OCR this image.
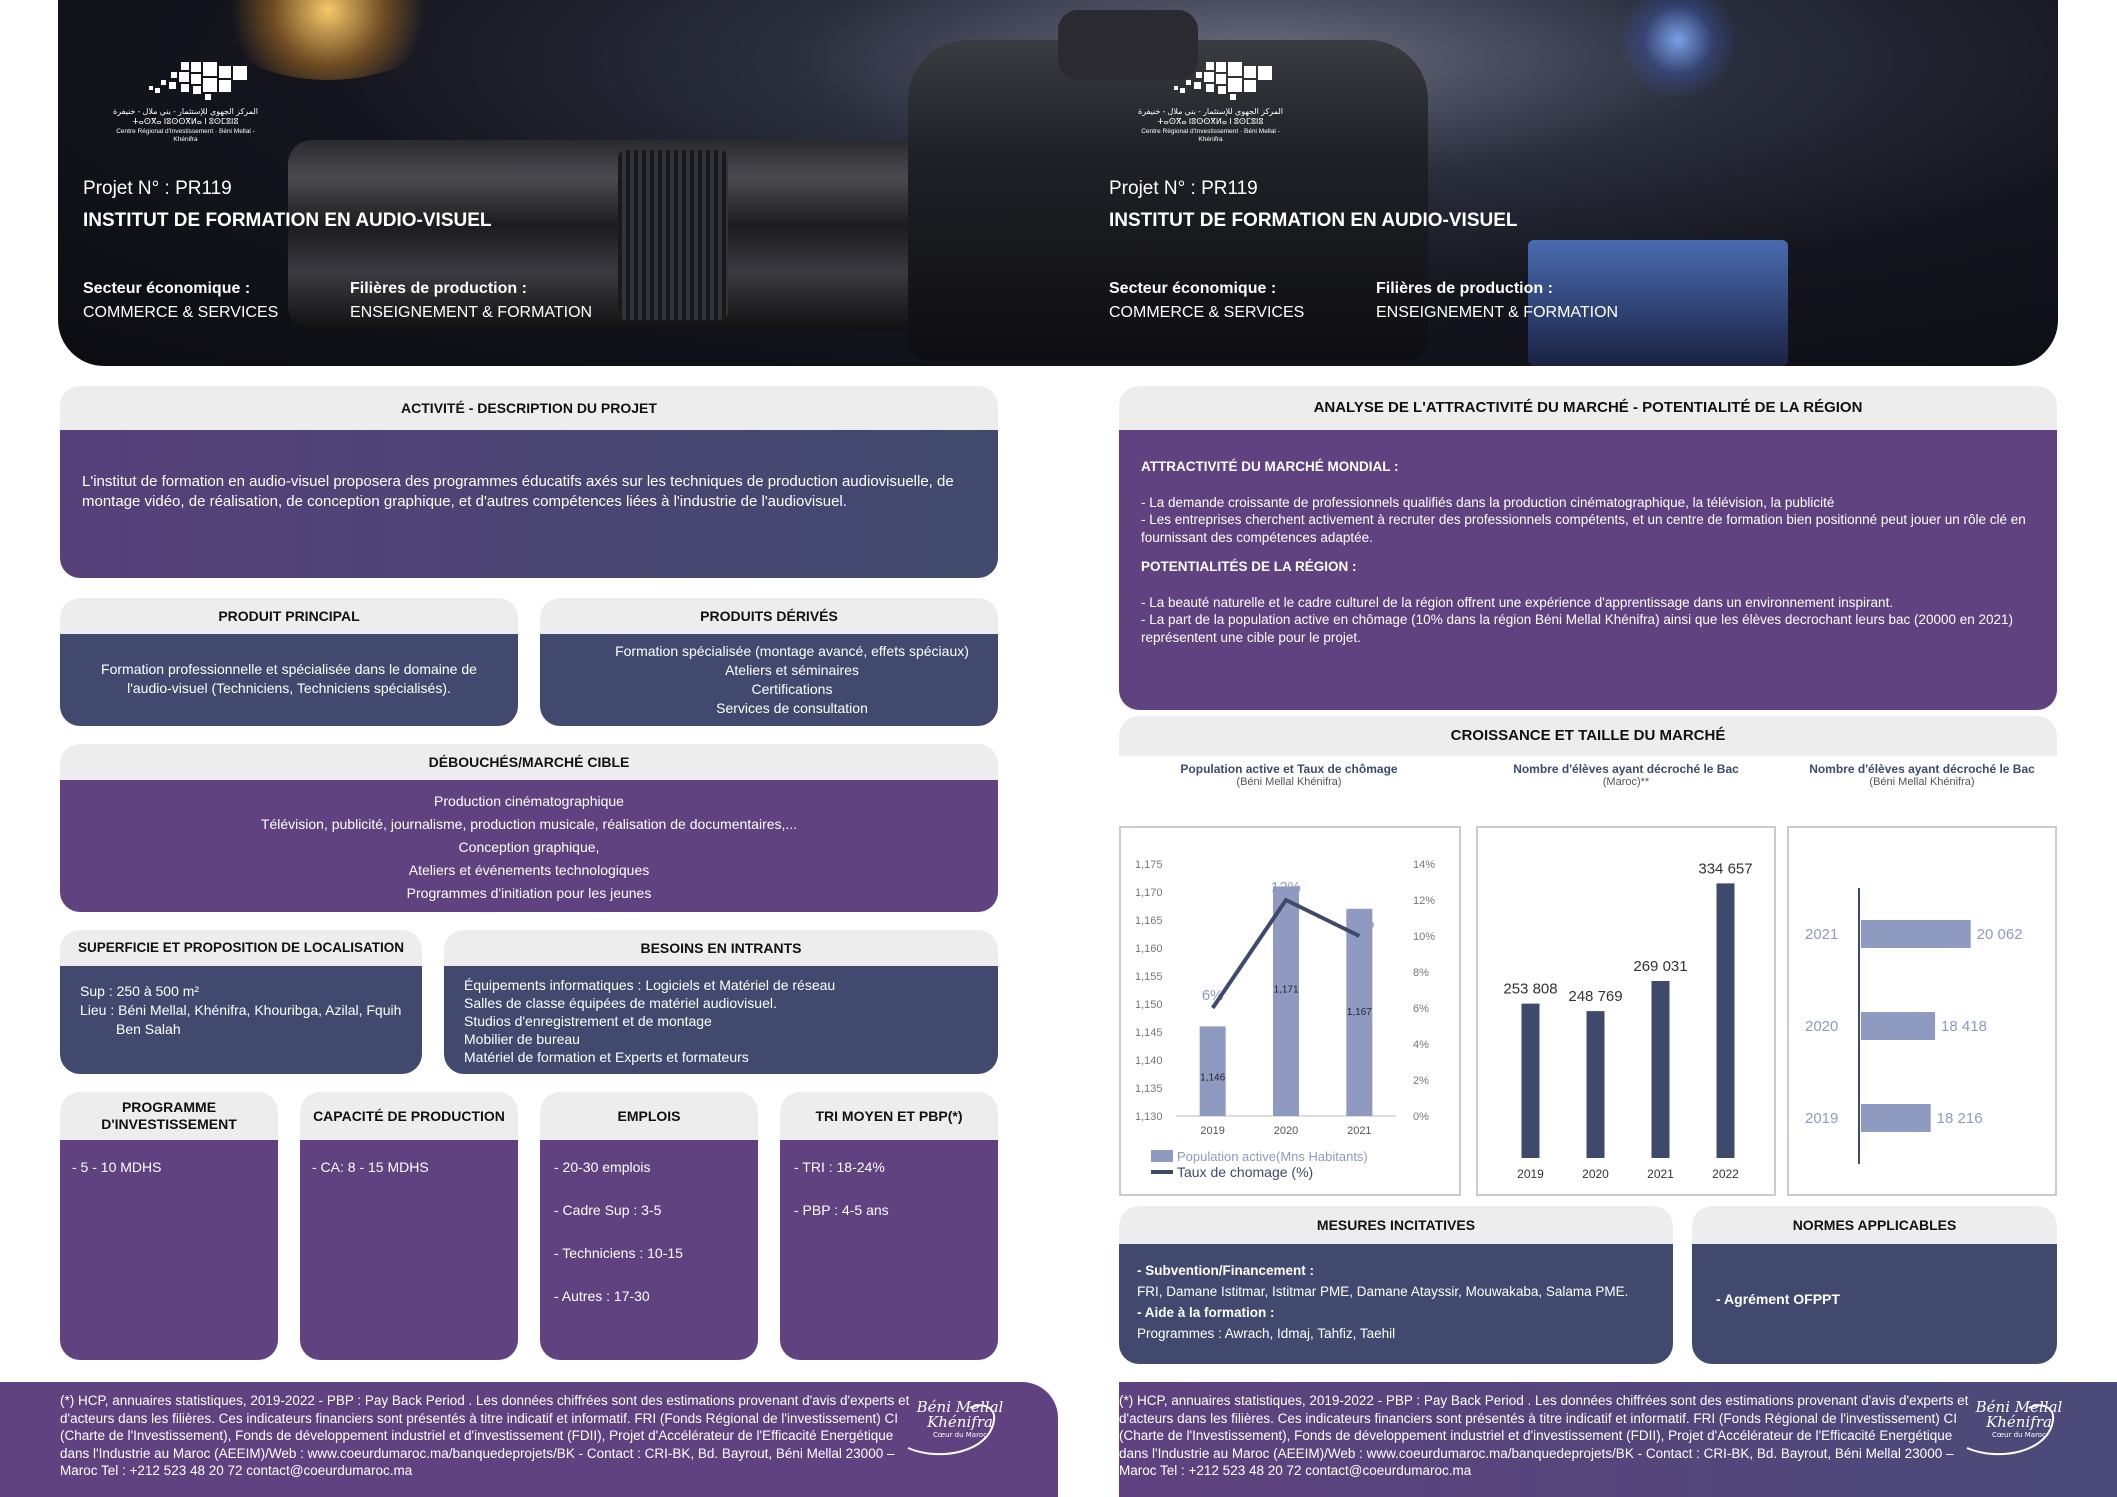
المركز الجهوي للإستثمار - بني ملال - خنيفرة
ⵜⴰⵙⴳⴰ ⵏⵓⵙⵙⴳⵍⴰ ⵏ ⵓⵙⵎⵓⵏⵓ
Centre Régional d'Investissement · Béni Mellal - Khénifra
المركز الجهوي للإستثمار - بني ملال - خنيفرة
ⵜⴰⵙⴳⴰ ⵏⵓⵙⵙⴳⵍⴰ ⵏ ⵓⵙⵎⵓⵏⵓ
Centre Régional d'Investissement · Béni Mellal - Khénifra
Projet N° : PR119
INSTITUT DE FORMATION EN AUDIO-VISUEL
Secteur économique :
COMMERCE & SERVICES
Filières de production :
ENSEIGNEMENT & FORMATION
Projet N° : PR119
INSTITUT DE FORMATION EN AUDIO-VISUEL
Secteur économique :
COMMERCE & SERVICES
Filières de production :
ENSEIGNEMENT & FORMATION
ACTIVITÉ - DESCRIPTION DU PROJET
L'institut de formation en audio-visuel proposera des programmes éducatifs axés sur les techniques de production audiovisuelle, de montage vidéo, de réalisation, de conception graphique, et d'autres compétences liées à l'industrie de l'audiovisuel.
PRODUIT PRINCIPAL
Formation professionnelle et spécialisée dans le domaine de l'audio-visuel (Techniciens, Techniciens spécialisés).
PRODUITS DÉRIVÉS
Formation spécialisée (montage avancé, effets spéciaux)
Ateliers et séminaires
Certifications
Services de consultation
DÉBOUCHÉS/MARCHÉ CIBLE
Production cinématographique
Télévision, publicité, journalisme, production musicale, réalisation de documentaires,...
Conception graphique,
Ateliers et événements technologiques
Programmes d'initiation pour les jeunes
SUPERFICIE ET PROPOSITION DE LOCALISATION
Sup : 250 à 500 m²
Lieu : Béni Mellal, Khénifra, Khouribga, Azilal, Fquih
Ben Salah
BESOINS EN INTRANTS
Équipements informatiques : Logiciels et Matériel de réseau
Salles de classe équipées de matériel audiovisuel.
Studios d'enregistrement et de montage
Mobilier de bureau
Matériel de formation et Experts et formateurs
PROGRAMME D'INVESTISSEMENT
- 5 - 10 MDHS
CAPACITÉ DE PRODUCTION
- CA: 8 - 15 MDHS
EMPLOIS
- 20-30 emplois
- Cadre Sup : 3-5
- Techniciens : 10-15
- Autres : 17-30
TRI MOYEN ET PBP(*)
- TRI : 18-24%
- PBP : 4-5 ans
ANALYSE DE L'ATTRACTIVITÉ DU MARCHÉ - POTENTIALITÉ DE LA RÉGION
ATTRACTIVITÉ DU MARCHÉ MONDIAL :
- La demande croissante de professionnels qualifiés dans la production cinématographique, la télévision, la publicité
- Les entreprises cherchent activement à recruter des professionnels compétents, et un centre de formation bien positionné peut jouer un rôle clé en fournissant des compétences adaptée.
POTENTIALITÉS DE LA RÉGION :
- La beauté naturelle et le cadre culturel de la région offrent une expérience d'apprentissage dans un environnement inspirant.
- La part de la population active en chômage (10% dans la région Béni Mellal Khénifra) ainsi que les élèves decrochant leurs bac (20000 en 2021) représentent une cible pour le projet.
CROISSANCE ET TAILLE DU MARCHÉ
Population active et Taux de chômage
(Béni Mellal Khénifra)
Nombre d'élèves ayant décroché le Bac
(Maroc)**
Nombre d'élèves ayant décroché le Bac
(Béni Mellal Khénifra)
1,130
1,135
1,140
1,145
1,150
1,155
1,160
1,165
1,170
1,175
0%
2%
4%
6%
8%
10%
12%
14%
2019
6%
2020
12%
2021
10%
1,146
1,171
1,167
Population active(Mns Habitants)
Taux de chomage (%)
253 808
2019
248 769
2020
269 031
2021
334 657
2022
2021	20 062
2020	18 418
2019	18 216
MESURES INCITATIVES
- Subvention/Financement :
FRI, Damane Istitmar, Istitmar PME, Damane Atayssir, Mouwakaba, Salama PME.
- Aide à la formation :
Programmes : Awrach, Idmaj, Tahfiz, Taehil
NORMES APPLICABLES
- Agrément OFPPT
(*) HCP, annuaires statistiques, 2019-2022 - PBP : Pay Back Period . Les données chiffrées sont des estimations provenant d'avis d'experts et d'acteurs dans les filières. Ces indicateurs financiers sont présentés à titre indicatif et informatif. FRI (Fonds Régional de l'investissement) CI (Charte de l'Investissement), Fonds de développement industriel et d'investissement (FDII), Projet d'Accélérateur de l'Efficacité Energétique dans l'Industrie au Maroc (AEEIM)/Web : www.coeurdumaroc.ma/banquedeprojets/BK - Contact : CRI-BK, Bd. Bayrout, Béni Mellal 23000 – Maroc Tel : +212 523 48 20 72 contact@coeurdumaroc.ma
Béni Mellal
Khénifra
Cœur du Maroc
(*) HCP, annuaires statistiques, 2019-2022 - PBP : Pay Back Period . Les données chiffrées sont des estimations provenant d'avis d'experts et d'acteurs dans les filières. Ces indicateurs financiers sont présentés à titre indicatif et informatif. FRI (Fonds Régional de l'investissement) CI (Charte de l'Investissement), Fonds de développement industriel et d'investissement (FDII), Projet d'Accélérateur de l'Efficacité Energétique dans l'Industrie au Maroc (AEEIM)/Web : www.coeurdumaroc.ma/banquedeprojets/BK - Contact : CRI-BK, Bd. Bayrout, Béni Mellal 23000 – Maroc Tel : +212 523 48 20 72 contact@coeurdumaroc.ma
Béni Mellal
Khénifra
Cœur du Maroc
